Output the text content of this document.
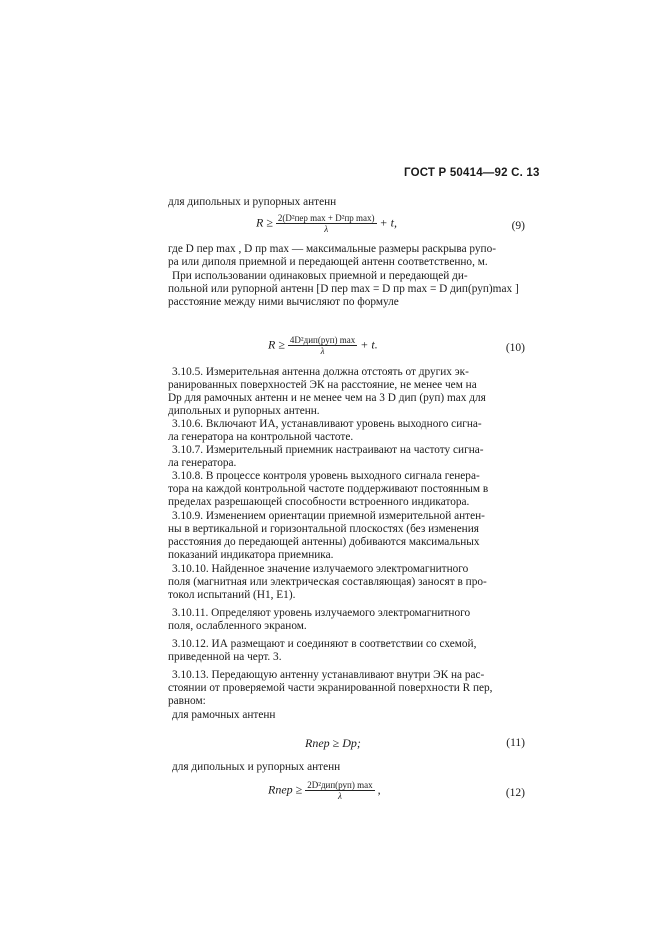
ГОСТ Р 50414—92 С. 13
для дипольных и рупорных антенн
$R \ge \frac{\text{2(D²пер max + D²пр max)}}{\lambda} + t$,	(9)
где D пер max , D пр max — максимальные размеры раскрыва рупо-
ра или диполя приемной и передающей антенн соответственно, м.
При использовании одинаковых приемной и передающей ди-
польной или рупорной антенн [D пер max = D пр max = D дип(руп)max ]
расстояние между ними вычисляют по формуле
$R \ge \frac{\text{4D²дип(руп) max}}{\lambda} + t$.	(10)
3.10.5. Измерительная антенна должна отстоять от других эк-
ранированных поверхностей ЭК на расстояние, не менее чем на
Dр для рамочных антенн и не менее чем на 3 D дип (руп) max для
дипольных и рупорных антенн.
3.10.6. Включают ИА, устанавливают уровень выходного сигна-
ла генератора на контрольной частоте.
3.10.7. Измерительный приемник настраивают на частоту сигна-
ла генератора.
3.10.8. В процессе контроля уровень выходного сигнала генера-
тора на каждой контрольной частоте поддерживают постоянным в
пределах разрешающей способности встроенного индикатора.
3.10.9. Изменением ориентации приемной измерительной антен-
ны в вертикальной и горизонтальной плоскостях (без изменения
расстояния до передающей антенны) добиваются максимальных
показаний индикатора приемника.
3.10.10. Найденное значение излучаемого электромагнитного
поля (магнитная или электрическая составляющая) заносят в про-
токол испытаний (Н1, Е1).
3.10.11. Определяют уровень излучаемого электромагнитного
поля, ослабленного экраном.
3.10.12. ИА размещают и соединяют в соответствии со схемой,
приведенной на черт. 3.
3.10.13. Передающую антенну устанавливают внутри ЭК на рас-
стоянии от проверяемой части экранированной поверхности R пер,
равном:
для рамочных антенн
Rпер ≥ Dр;	(11)
для дипольных и рупорных антенн
Rпер ≥ $\frac{\text{2D²дип(руп) max}}{\lambda}$ ,	(12)
